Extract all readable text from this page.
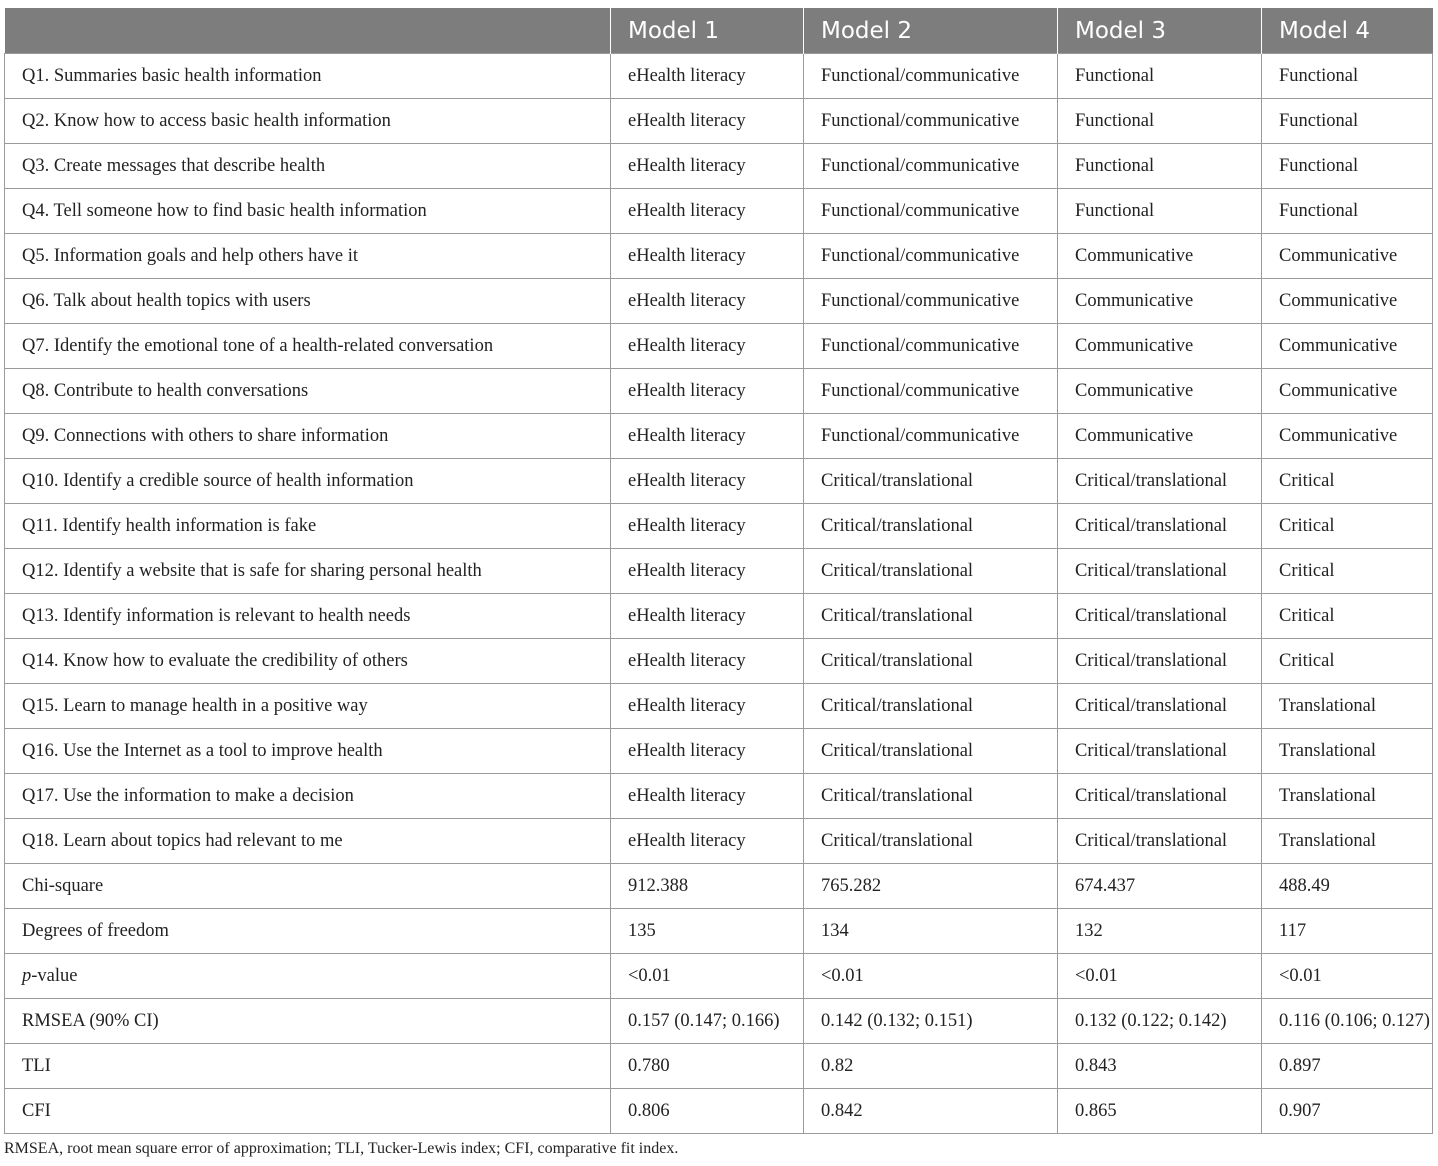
	Model 1	Model 2	Model 3	Model 4
Q1. Summaries basic health information	eHealth literacy	Functional/communicative	Functional	Functional
Q2. Know how to access basic health information	eHealth literacy	Functional/communicative	Functional	Functional
Q3. Create messages that describe health	eHealth literacy	Functional/communicative	Functional	Functional
Q4. Tell someone how to find basic health information	eHealth literacy	Functional/communicative	Functional	Functional
Q5. Information goals and help others have it	eHealth literacy	Functional/communicative	Communicative	Communicative
Q6. Talk about health topics with users	eHealth literacy	Functional/communicative	Communicative	Communicative
Q7. Identify the emotional tone of a health-related conversation	eHealth literacy	Functional/communicative	Communicative	Communicative
Q8. Contribute to health conversations	eHealth literacy	Functional/communicative	Communicative	Communicative
Q9. Connections with others to share information	eHealth literacy	Functional/communicative	Communicative	Communicative
Q10. Identify a credible source of health information	eHealth literacy	Critical/translational	Critical/translational	Critical
Q11. Identify health information is fake	eHealth literacy	Critical/translational	Critical/translational	Critical
Q12. Identify a website that is safe for sharing personal health	eHealth literacy	Critical/translational	Critical/translational	Critical
Q13. Identify information is relevant to health needs	eHealth literacy	Critical/translational	Critical/translational	Critical
Q14. Know how to evaluate the credibility of others	eHealth literacy	Critical/translational	Critical/translational	Critical
Q15. Learn to manage health in a positive way	eHealth literacy	Critical/translational	Critical/translational	Translational
Q16. Use the Internet as a tool to improve health	eHealth literacy	Critical/translational	Critical/translational	Translational
Q17. Use the information to make a decision	eHealth literacy	Critical/translational	Critical/translational	Translational
Q18. Learn about topics had relevant to me	eHealth literacy	Critical/translational	Critical/translational	Translational
Chi-square	912.388	765.282	674.437	488.49
Degrees of freedom	135	134	132	117
p-value	<0.01	<0.01	<0.01	<0.01
RMSEA (90% CI)	0.157 (0.147; 0.166)	0.142 (0.132; 0.151)	0.132 (0.122; 0.142)	0.116 (0.106; 0.127)
TLI	0.780	0.82	0.843	0.897
CFI	0.806	0.842	0.865	0.907
RMSEA, root mean square error of approximation; TLI, Tucker-Lewis index; CFI, comparative fit index.
